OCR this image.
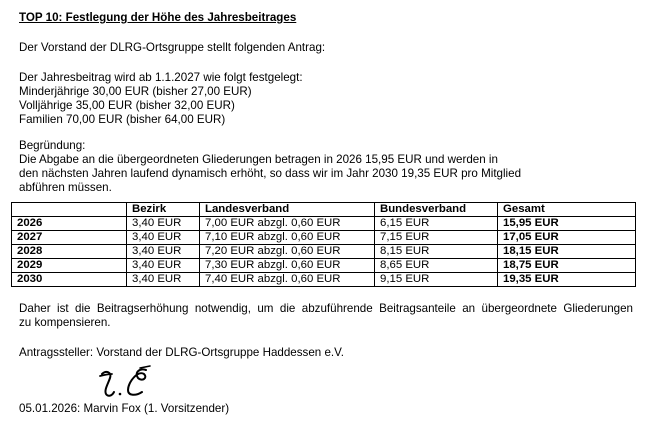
TOP 10: Festlegung der Höhe des Jahresbeitrages
Der Vorstand der DLRG-Ortsgruppe stellt folgenden Antrag:
Der Jahresbeitrag wird ab 1.1.2027 wie folgt festgelegt:
Minderjährige 30,00 EUR (bisher 27,00 EUR)
Volljährige 35,00 EUR (bisher 32,00 EUR)
Familien 70,00 EUR (bisher 64,00 EUR)
Begründung:
Die Abgabe an die übergeordneten Gliederungen betragen in 2026 15,95 EUR und werden in
den nächsten Jahren laufend dynamisch erhöht, so dass wir im Jahr 2030 19,35 EUR pro Mitglied
abführen müssen.
	Bezirk	Landesverband	Bundesverband	Gesamt
2026	3,40 EUR	7,00 EUR abzgl. 0,60 EUR	6,15 EUR	15,95 EUR
2027	3,40 EUR	7,10 EUR abzgl. 0,60 EUR	7,15 EUR	17,05 EUR
2028	3,40 EUR	7,20 EUR abzgl. 0,60 EUR	8,15 EUR	18,15 EUR
2029	3,40 EUR	7,30 EUR abzgl. 0,60 EUR	8,65 EUR	18,75 EUR
2030	3,40 EUR	7,40 EUR abzgl. 0,60 EUR	9,15 EUR	19,35 EUR
Daher ist die Beitragserhöhung notwendig, um die abzuführende Beitragsanteile an übergeordnete Gliederungen
zu kompensieren.
Antragssteller: Vorstand der DLRG-Ortsgruppe Haddessen e.V.
05.01.2026: Marvin Fox (1. Vorsitzender)
